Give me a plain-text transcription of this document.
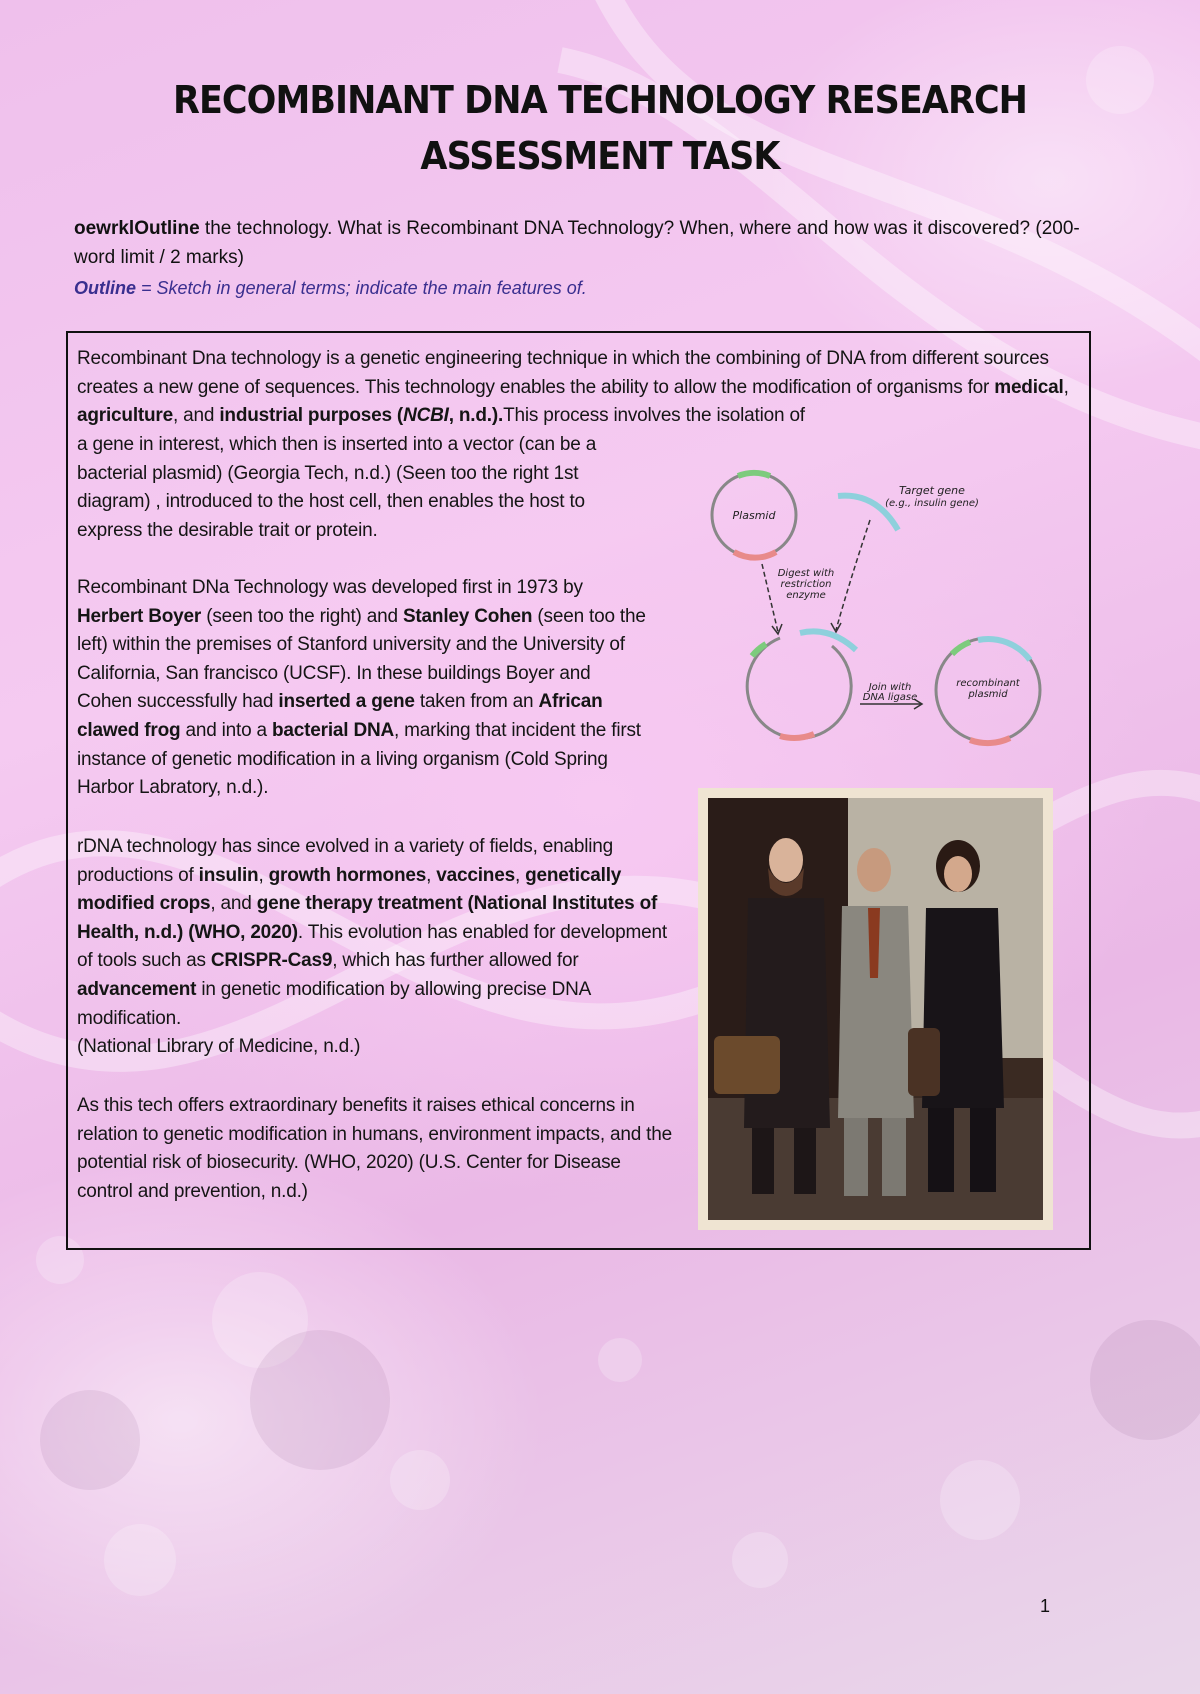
RECOMBINANT DNA TECHNOLOGY RESEARCH
ASSESSMENT TASK
oewrklOutline the technology. What is Recombinant DNA Technology? When, where and how was it discovered? (200-word limit / 2 marks)
Outline = Sketch in general terms; indicate the main features of.
Recombinant Dna technology is a genetic engineering technique in which the combining of DNA from different sources creates a new gene of sequences. This technology enables the ability to allow the modification of organisms for medical, agriculture, and industrial purposes (NCBI, n.d.).This process involves the isolation of
a gene in interest, which then is inserted into a vector (can be a bacterial plasmid) (Georgia Tech, n.d.) (Seen too the right 1st diagram) , introduced to the host cell, then enables the host to express the desirable trait or protein.

Recombinant DNa Technology was developed first in 1973 by Herbert Boyer (seen too the right) and Stanley Cohen (seen too the left) within the premises of Stanford university and the University of California, San francisco (UCSF). In these buildings Boyer and Cohen successfully had inserted a gene taken from an African clawed frog and into a bacterial DNA, marking that incident the first instance of genetic modification in a living organism (Cold Spring Harbor Labratory, n.d.).
rDNA technology has since evolved in a variety of fields, enabling productions of insulin, growth hormones, vaccines, genetically modified crops, and gene therapy treatment (National Institutes of Health, n.d.) (WHO, 2020). This evolution has enabled for development of tools such as CRISPR-Cas9, which has further allowed for advancement in genetic modification by allowing precise DNA modification.
(National Library of Medicine, n.d.)
As this tech offers extraordinary benefits it raises ethical concerns in relation to genetic modification in humans, environment impacts, and the potential risk of biosecurity. (WHO, 2020) (U.S. Center for Disease control and prevention, n.d.)
Plasmid
Target gene
(e.g., insulin gene)
Digest with
restriction
enzyme
Join with
DNA ligase
recombinant
plasmid
1
